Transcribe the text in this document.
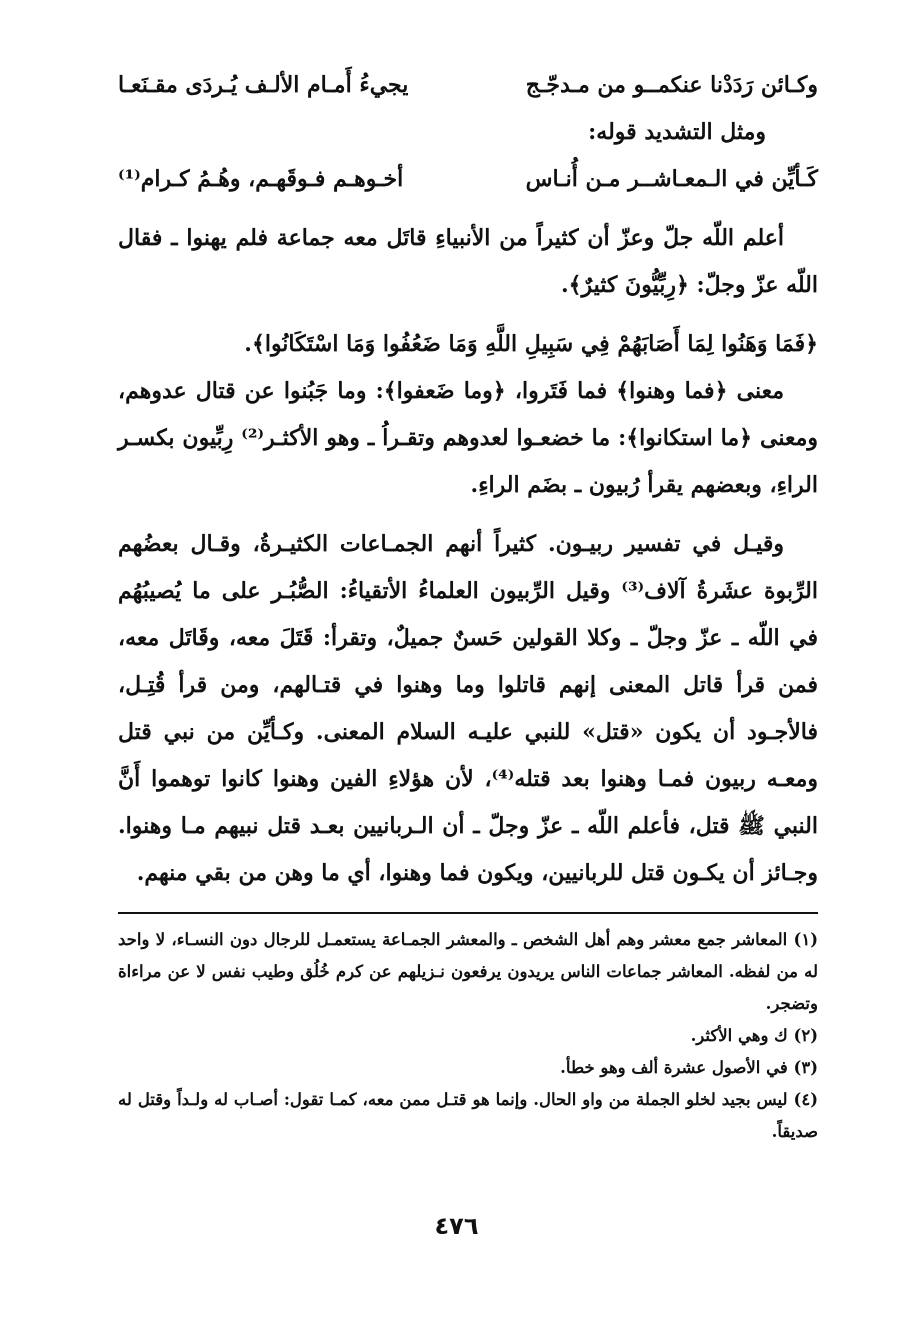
وكـائن رَدَدْنا عنكمــو من مـدجّـج
يجيءُ أَمـام الألـف يُـردَى مقـنَعـا
ومثل التشديد قوله:
كَـأيِّن في الـمعـاشــر مـن أُنـاس
أخـوهـم فـوقَهـم، وهُـمُ كـرام⁽¹⁾
أعلم اللّه جلّ وعزّ أن كثيراً من الأنبياءِ قاتَل معه جماعة فلم يهنوا ـ فقال اللّه عزّ وجلّ: ﴿رِبِّيُّونَ كثيرٌ﴾.
﴿فَمَا وَهَنُوا لِمَا أَصَابَهُمْ فِي سَبِيلِ اللَّهِ وَمَا ضَعُفُوا وَمَا اسْتَكَانُوا﴾.
معنى ﴿فما وهنوا﴾ فما فَتَروا، ﴿وما ضَعفوا﴾: وما جَبُنوا عن قتال عدوهم، ومعنى ﴿ما استكانوا﴾: ما خضعـوا لعدوهم وتقـراُ ـ وهو الأكثـر⁽²⁾ رِبِّيون بكسـر الراءِ، وبعضهم يقرأ رُبيون ـ بضَم الراءِ.
وقيـل في تفسير ربيـون. كثيراً أنهم الجمـاعات الكثيـرةُ، وقـال بعضُهم الرِّبوة عشَرةُ آلاف⁽³⁾ وقيل الرِّبيون العلماءُ الأتقياءُ: الصُّبُـر على ما يُصيبُهُم في اللّه ـ عزّ وجلّ ـ وكلا القولين حَسنٌ جميلٌ، وتقرأ: قَتَلَ معه، وقَاتَل معه، فمن قرأ قاتل المعنى إنهم قاتلوا وما وهنوا في قتـالهم، ومن قرأ قُتِـل، فالأجـود أن يكون «قتل» للنبي عليـه السلام المعنى. وكـأيِّن من نبي قتل ومعـه ربيون فمـا وهنوا بعد قتله⁽⁴⁾، لأن هؤلاءِ الفين وهنوا كانوا توهموا أَنَّ النبي ﷺ قتل، فأعلم اللّه ـ عزّ وجلّ ـ أن الـربانيين بعـد قتل نبيهم مـا وهنوا. وجـائز أن يكـون قتل للربانيين، ويكون فما وهنوا، أي ما وهن من بقي منهم.
(١) المعاشر جمع معشر وهم أهل الشخص ـ والمعشر الجمـاعة يستعمـل للرجال دون النسـاء، لا واحد له من لفظه. المعاشر جماعات الناس يريدون يرفعون نـزيلهم عن كرم خُلُق وطيب نفس لا عن مراءاة وتضجر.
(٢) ك وهي الأكثر.
(٣) في الأصول عشرة ألف وهو خطأ.
(٤) ليس بجيد لخلو الجملة من واو الحال. وإنما هو قتـل ممن معه، كمـا تقول: أصـاب له ولـداً وقتل له صديقاً.
٤٧٦
